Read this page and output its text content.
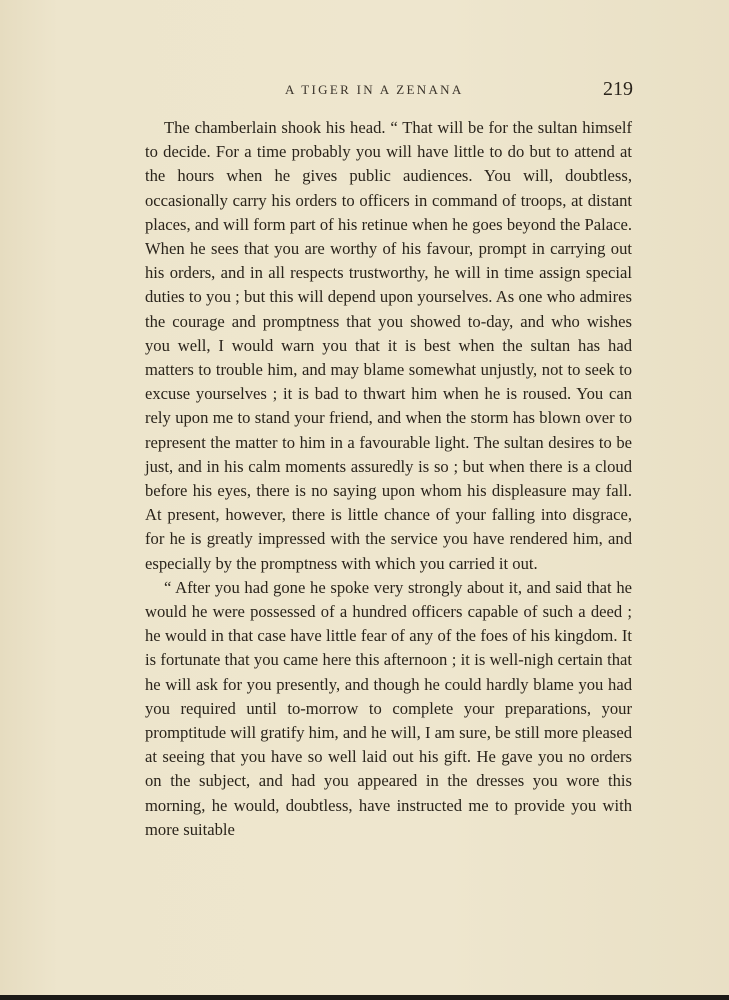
A TIGER IN A ZENANA	219

The chamberlain shook his head. “ That will be for the sultan himself to decide. For a time probably you will have little to do but to attend at the hours when he gives public audiences. You will, doubtless, occasionally carry his orders to officers in command of troops, at distant places, and will form part of his retinue when he goes beyond the Palace. When he sees that you are worthy of his favour, prompt in carrying out his orders, and in all respects trustworthy, he will in time assign special duties to you ; but this will depend upon yourselves. As one who admires the courage and promptness that you showed to-day, and who wishes you well, I would warn you that it is best when the sultan has had matters to trouble him, and may blame somewhat unjustly, not to seek to excuse yourselves ; it is bad to thwart him when he is roused. You can rely upon me to stand your friend, and when the storm has blown over to represent the matter to him in a favourable light. The sultan desires to be just, and in his calm moments assuredly is so ; but when there is a cloud before his eyes, there is no saying upon whom his displeasure may fall. At present, however, there is little chance of your falling into disgrace, for he is greatly impressed with the service you have rendered him, and especially by the promptness with which you carried it out.

“ After you had gone he spoke very strongly about it, and said that he would he were possessed of a hundred officers capable of such a deed ; he would in that case have little fear of any of the foes of his kingdom. It is fortunate that you came here this afternoon ; it is well-nigh certain that he will ask for you presently, and though he could hardly blame you had you required until to-morrow to complete your preparations, your promptitude will gratify him, and he will, I am sure, be still more pleased at seeing that you have so well laid out his gift. He gave you no orders on the subject, and had you appeared in the dresses you wore this morning, he would, doubtless, have instructed me to provide you with more suitable
